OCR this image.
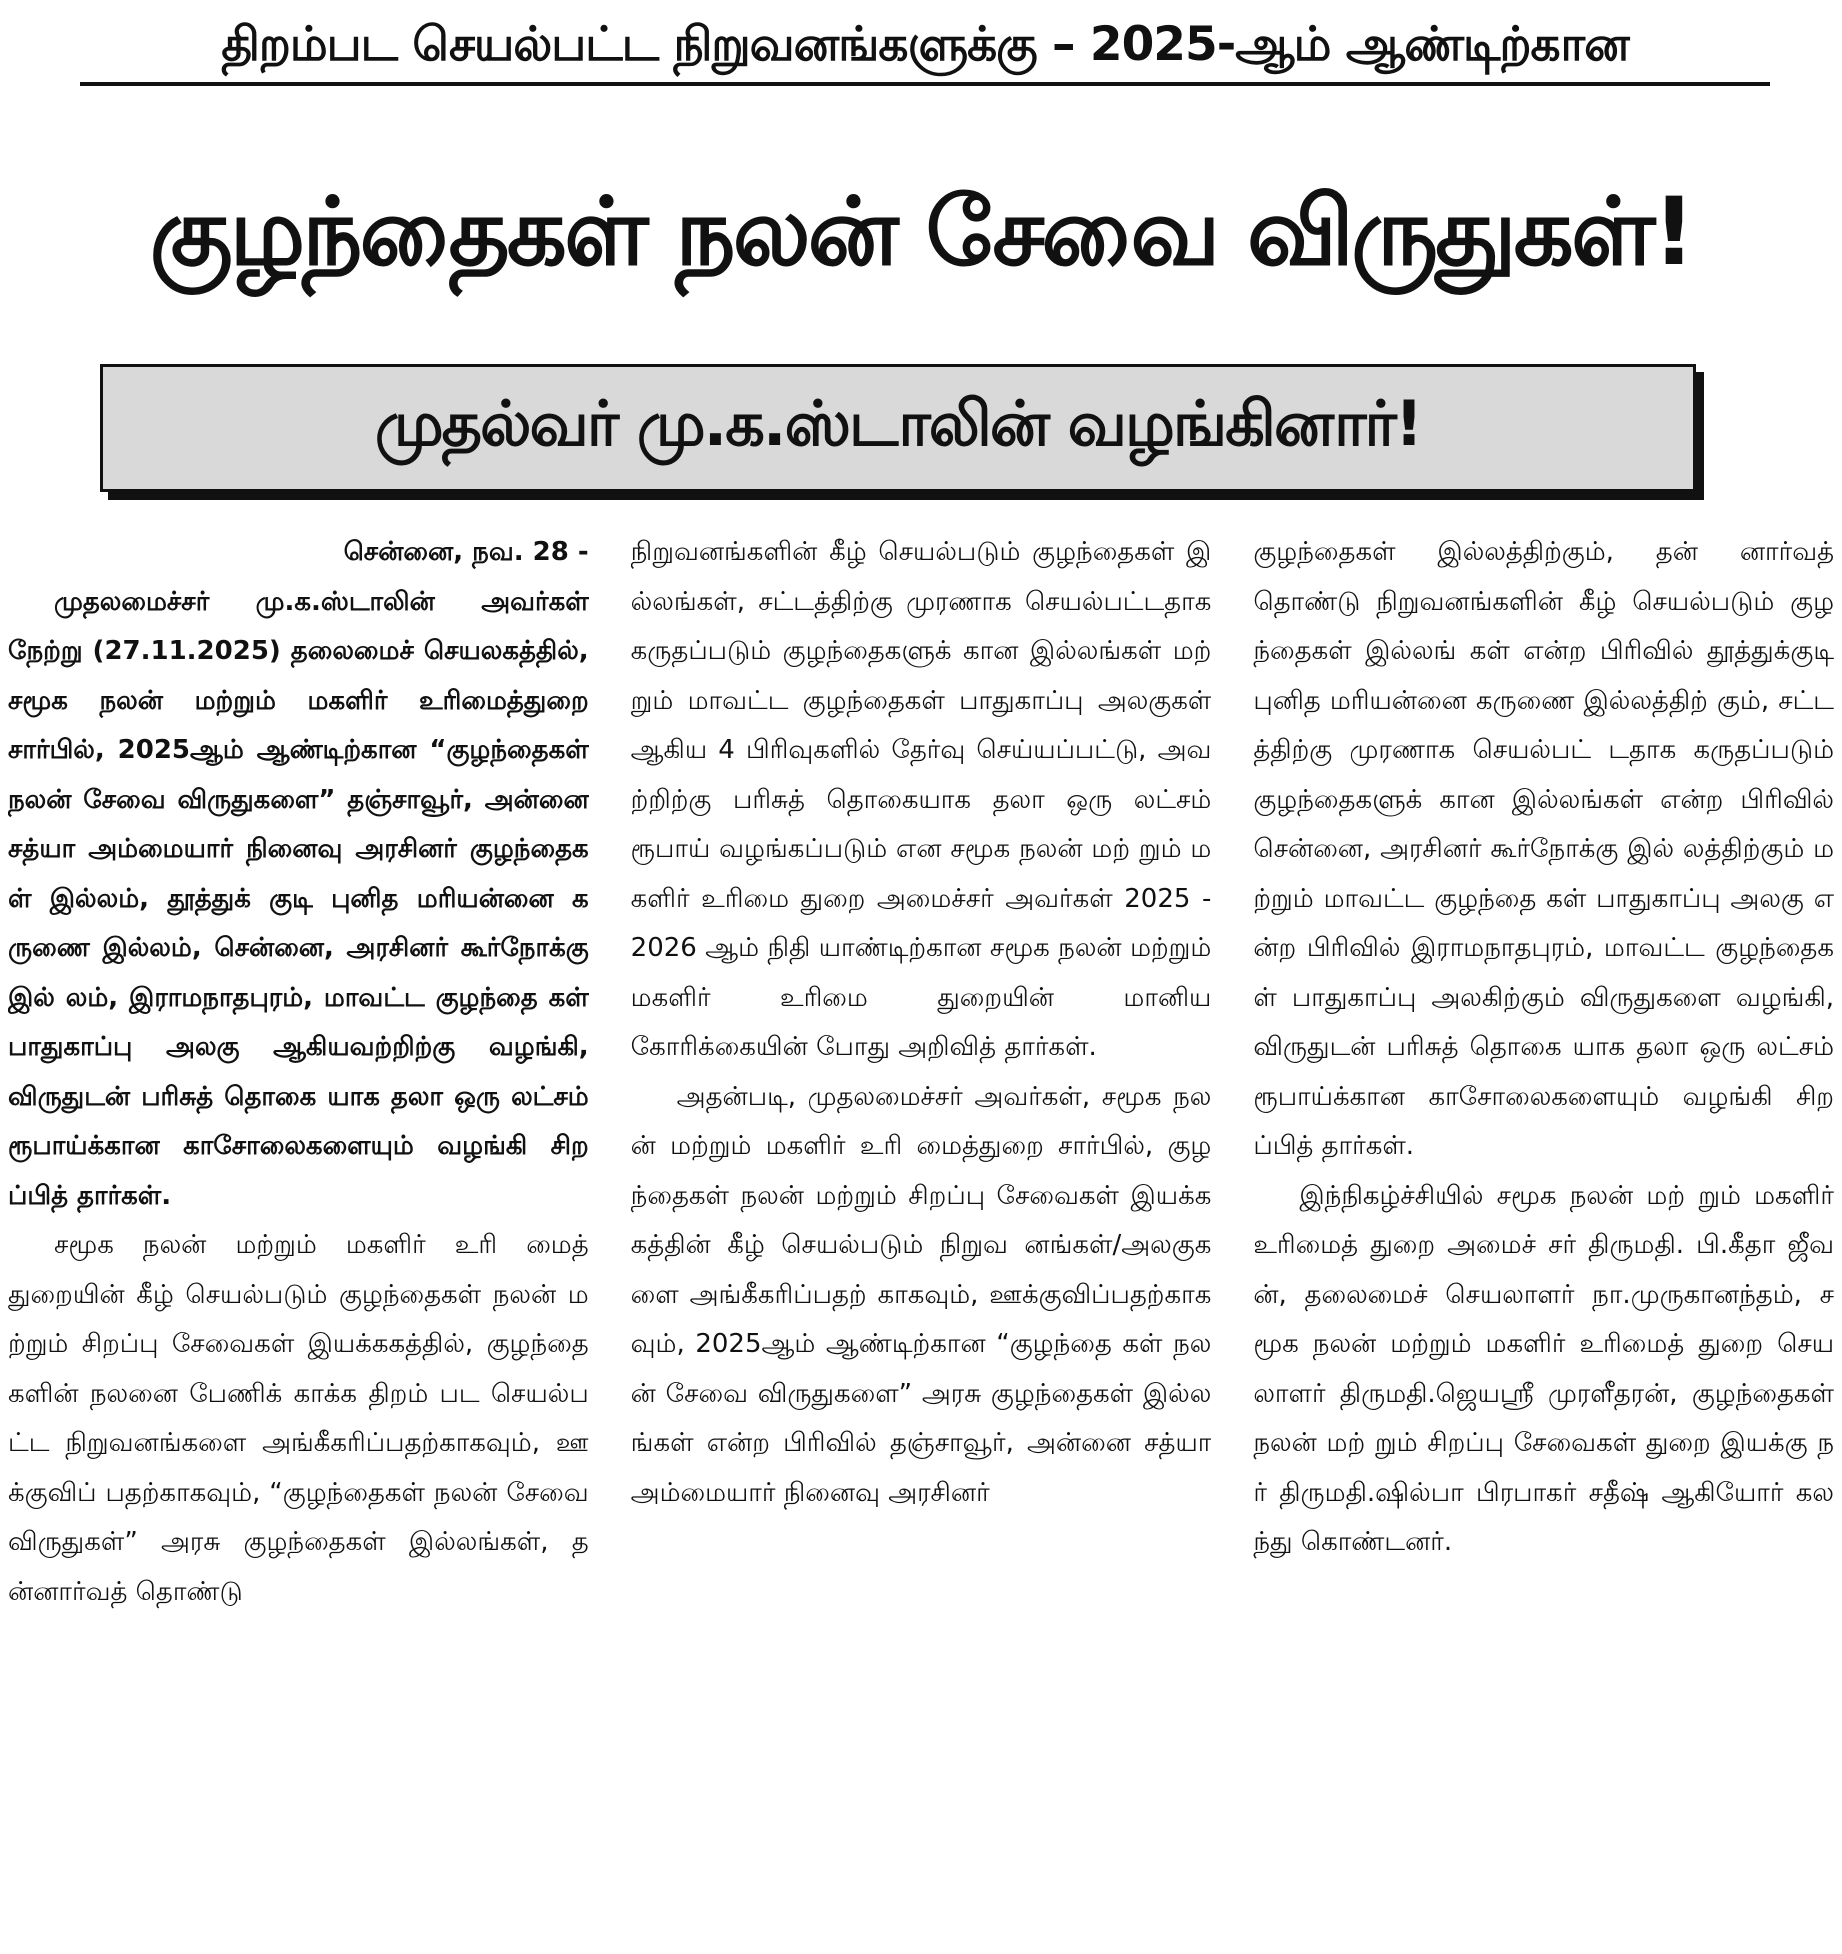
திறம்பட செயல்பட்ட நிறுவனங்களுக்கு – 2025-ஆம் ஆண்டிற்கான
குழந்தைகள் நலன் சேவை விருதுகள்!
முதல்வர் மு.க.ஸ்டாலின் வழங்கினார்!
சென்னை, நவ. 28 -

முதலமைச்சர் மு.க.ஸ்டாலின் அவர்கள் நேற்று (27.11.2025) தலைமைச் செயலகத்தில், சமூக நலன் மற்றும் மகளிர் உரிமைத்துறை சார்பில், 2025ஆம் ஆண்டிற்கான “குழந்தைகள் நலன் சேவை விருதுகளை” தஞ்சாவூர், அன்னை சத்யா அம்மையார் நினைவு அரசினர் குழந்தைகள் இல்லம், தூத்துக் குடி புனித மரியன்னை கருணை இல்லம், சென்னை, அரசினர் கூர்நோக்கு இல் லம், இராமநாதபுரம், மாவட்ட குழந்தை கள் பாதுகாப்பு அலகு ஆகியவற்றிற்கு வழங்கி, விருதுடன் பரிசுத் தொகை யாக தலா ஒரு லட்சம் ரூபாய்க்கான காசோலைகளையும் வழங்கி சிறப்பித் தார்கள்.

சமூக நலன் மற்றும் மகளிர் உரி மைத் துறையின் கீழ் செயல்படும் குழந்தைகள் நலன் மற்றும் சிறப்பு சேவைகள் இயக்ககத்தில், குழந்தை களின் நலனை பேணிக் காக்க திறம் பட செயல்பட்ட நிறுவனங்களை அங்கீகரிப்பதற்காகவும், ஊக்குவிப் பதற்காகவும், “குழந்தைகள் நலன் சேவை விருதுகள்” அரசு குழந்தைகள் இல்லங்கள், தன்னார்வத் தொண்டு

நிறுவனங்களின் கீழ் செயல்படும் குழந்தைகள் இல்லங்கள், சட்டத்திற்கு முரணாக செயல்பட்டதாக கருதப்படும் குழந்தைகளுக் கான இல்லங்கள் மற் றும் மாவட்ட குழந்தைகள் பாதுகாப்பு அலகுகள் ஆகிய 4 பிரிவுகளில் தேர்வு செய்யப்பட்டு, அவற்றிற்கு பரிசுத் தொகையாக தலா ஒரு லட்சம் ரூபாய் வழங்கப்படும் என சமூக நலன் மற் றும் மகளிர் உரிமை துறை அமைச்சர் அவர்கள் 2025 - 2026 ஆம் நிதி யாண்டிற்கான சமூக நலன் மற்றும் மகளிர் உரிமை துறையின் மானிய கோரிக்கையின் போது அறிவித் தார்கள்.

அதன்படி, முதலமைச்சர் அவர்கள், சமூக நலன் மற்றும் மகளிர் உரி மைத்துறை சார்பில், குழந்தைகள் நலன் மற்றும் சிறப்பு சேவைகள் இயக்ககத்தின் கீழ் செயல்படும் நிறுவ னங்கள்/அலகுகளை அங்கீகரிப்பதற் காகவும், ஊக்குவிப்பதற்காகவும், 2025ஆம் ஆண்டிற்கான “குழந்தை கள் நலன் சேவை விருதுகளை” அரசு குழந்தைகள் இல்லங்கள் என்ற பிரிவில் தஞ்சாவூர், அன்னை சத்யா அம்மையார் நினைவு அரசினர்

குழந்தைகள் இல்லத்திற்கும், தன் னார்வத் தொண்டு நிறுவனங்களின் கீழ் செயல்படும் குழந்தைகள் இல்லங் கள் என்ற பிரிவில் தூத்துக்குடி புனித மரியன்னை கருணை இல்லத்திற் கும், சட்டத்திற்கு முரணாக செயல்பட் டதாக கருதப்படும் குழந்தைகளுக் கான இல்லங்கள் என்ற பிரிவில் சென்னை, அரசினர் கூர்நோக்கு இல் லத்திற்கும் மற்றும் மாவட்ட குழந்தை கள் பாதுகாப்பு அலகு என்ற பிரிவில் இராமநாதபுரம், மாவட்ட குழந்தைகள் பாதுகாப்பு அலகிற்கும் விருதுகளை வழங்கி, விருதுடன் பரிசுத் தொகை யாக தலா ஒரு லட்சம் ரூபாய்க்கான காசோலைகளையும் வழங்கி சிறப்பித் தார்கள்.

இந்நிகழ்ச்சியில் சமூக நலன் மற் றும் மகளிர் உரிமைத் துறை அமைச் சர் திருமதி. பி.கீதா ஜீவன், தலைமைச் செயலாளர் நா.முருகானந்தம், சமூக நலன் மற்றும் மகளிர் உரிமைத் துறை செயலாளர் திருமதி.ஜெயஸ்ரீ முரளீதரன், குழந்தைகள் நலன் மற் றும் சிறப்பு சேவைகள் துறை இயக்கு நர் திருமதி.ஷில்பா பிரபாகர் சதீஷ் ஆகியோர் கலந்து கொண்டனர்.
